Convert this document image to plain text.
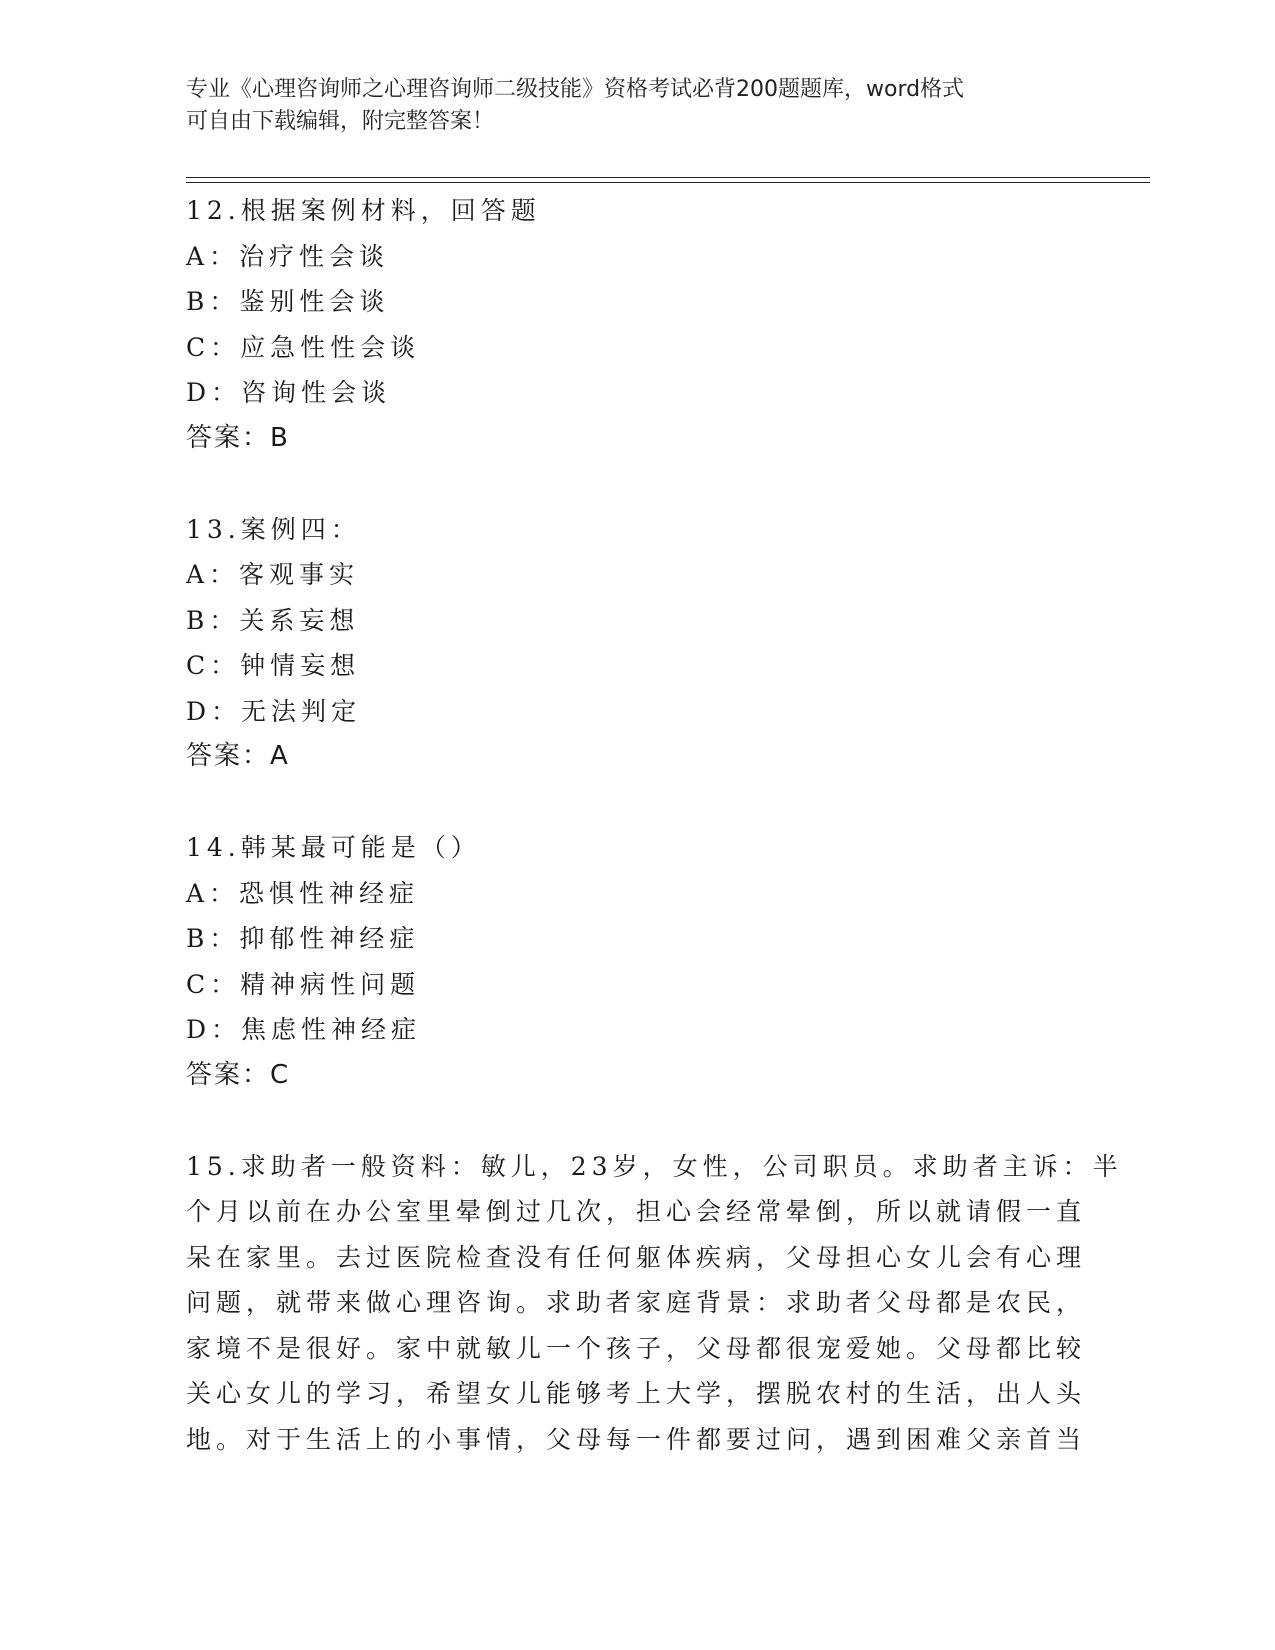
专业《心理咨询师之心理咨询师二级技能》资格考试必背200题题库，word格式
可自由下载编辑，附完整答案！
12.根据案例材料，回答题
A：治疗性会谈
B：鉴别性会谈
C：应急性性会谈
D：咨询性会谈
答案：B
13.案例四：
A：客观事实
B：关系妄想
C：钟情妄想
D：无法判定
答案：A
14.韩某最可能是（）
A：恐惧性神经症
B：抑郁性神经症
C：精神病性问题
D：焦虑性神经症
答案：C
15.求助者一般资料：敏儿，23岁，女性，公司职员。求助者主诉：半
个月以前在办公室里晕倒过几次，担心会经常晕倒，所以就请假一直
呆在家里。去过医院检查没有任何躯体疾病，父母担心女儿会有心理
问题，就带来做心理咨询。求助者家庭背景：求助者父母都是农民，
家境不是很好。家中就敏儿一个孩子，父母都很宠爱她。父母都比较
关心女儿的学习，希望女儿能够考上大学，摆脱农村的生活，出人头
地。对于生活上的小事情，父母每一件都要过问，遇到困难父亲首当
